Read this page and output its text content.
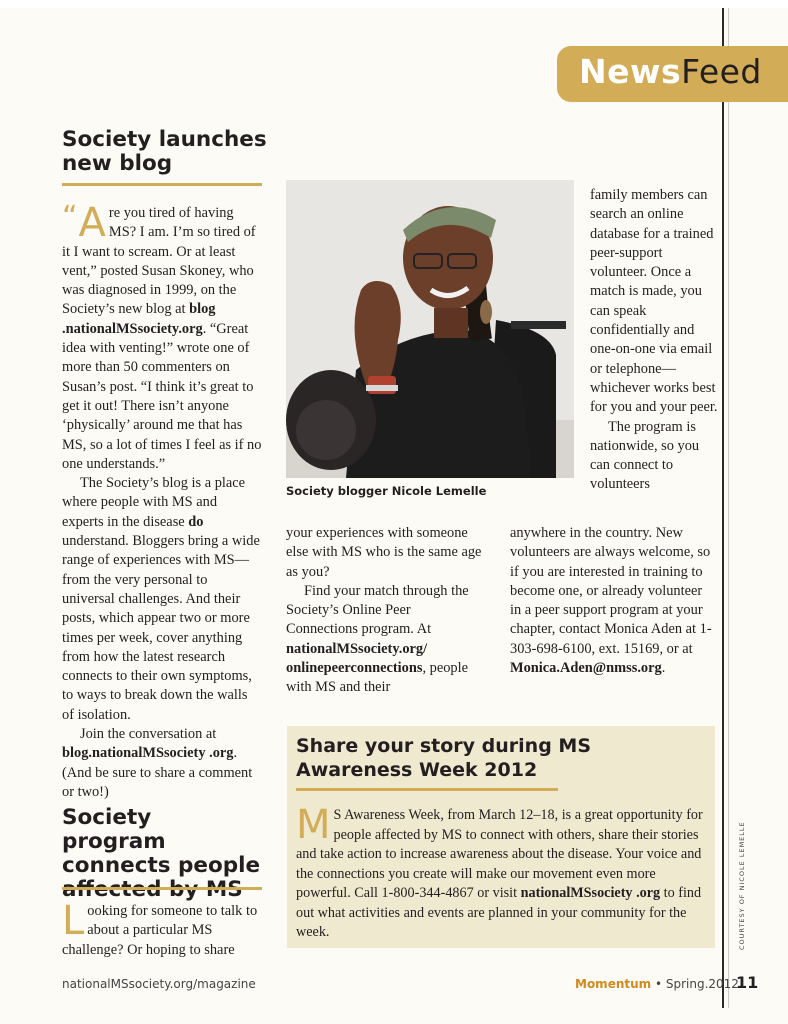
NewsFeed
Society launches new blog

“ A re you tired of having MS? I am. I’m so tired of it I want to scream. Or at least vent,” posted Susan Skoney, who was diagnosed in 1999, on the Society’s new blog at blog .nationalMSsociety.org. “Great idea with venting!” wrote one of more than 50 commenters on Susan’s post. “I think it’s great to get it out! There isn’t anyone ‘physically’ around me that has MS, so a lot of times I feel as if no one understands.”

The Society’s blog is a place where people with MS and experts in the disease do understand. Bloggers bring a wide range of experiences with MS—from the very personal to universal challenges. And their posts, which appear two or more times per week, cover anything from how the latest research connects to their own symptoms, to ways to break down the walls of isolation.

Join the conversation at blog.nationalMSsociety .org. (And be sure to share a comment or two!)

Society program connects people

Looking for someone to talk to about a particular MS challenge? Or hoping to share

Society blogger Nicole Lemelle

your experiences with someone else with MS who is the same age as you?

Find your match through the Society’s Online Peer Connections program. At nationalMSsociety.org/ onlinepeerconnections, people with MS and their

family members can search an online database for a trained peer-support volunteer. Once a match is made, you can speak confidentially and one-on-one via email or telephone—whichever works best for you and your peer.

The program is nationwide, so you can connect to volunteers

anywhere in the country. New volunteers are always welcome, so if you are interested in training to become one, or already volunteer in a peer support program at your chapter, contact Monica Aden at 1-303-698-6100, ext. 15169, or at Monica.Aden@nmss.org.

Share your story during MS Awareness Week 2012

M S Awareness Week, from March 12–18, is a great opportunity for people affected by MS to connect with others, share their stories and take action to increase awareness about the disease. Your voice and the connections you create will make our movement even more powerful. Call 1-800-344-4867 or visit nationalMSsociety .org to find out what activities and events are planned in your community for the week.	COURTESY OF NICOLE LEMELLE
nationalMSsociety.org/magazine	Momentum • Spring.2012
11
